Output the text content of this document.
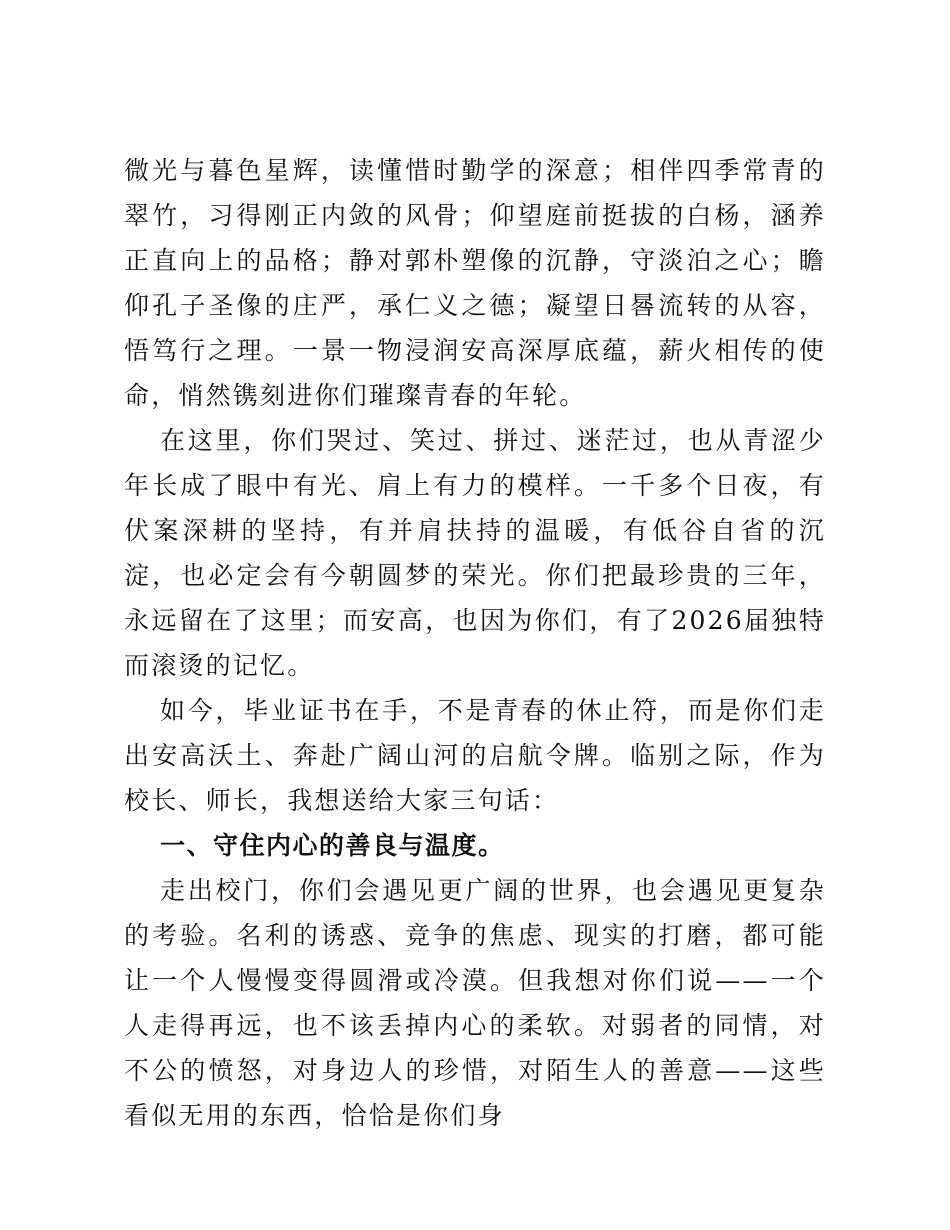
微光与暮色星辉，读懂惜时勤学的深意；相伴四季常青的翠竹，习得刚正内敛的风骨；仰望庭前挺拔的白杨，涵养正直向上的品格；静对郭朴塑像的沉静，守淡泊之心；瞻仰孔子圣像的庄严，承仁义之德；凝望日晷流转的从容，悟笃行之理。一景一物浸润安高深厚底蕴，薪火相传的使命，悄然镌刻进你们璀璨青春的年轮。

在这里，你们哭过、笑过、拼过、迷茫过，也从青涩少年长成了眼中有光、肩上有力的模样。一千多个日夜，有伏案深耕的坚持，有并肩扶持的温暖，有低谷自省的沉淀，也必定会有今朝圆梦的荣光。你们把最珍贵的三年，永远留在了这里；而安高，也因为你们，有了2026届独特而滚烫的记忆。

如今，毕业证书在手，不是青春的休止符，而是你们走出安高沃土、奔赴广阔山河的启航令牌。临别之际，作为校长、师长，我想送给大家三句话：

一、守住内心的善良与温度。

走出校门，你们会遇见更广阔的世界，也会遇见更复杂的考验。名利的诱惑、竞争的焦虑、现实的打磨，都可能让一个人慢慢变得圆滑或冷漠。但我想对你们说——一个人走得再远，也不该丢掉内心的柔软。对弱者的同情，对不公的愤怒，对身边人的珍惜，对陌生人的善意——这些看似无用的东西，恰恰是你们身
